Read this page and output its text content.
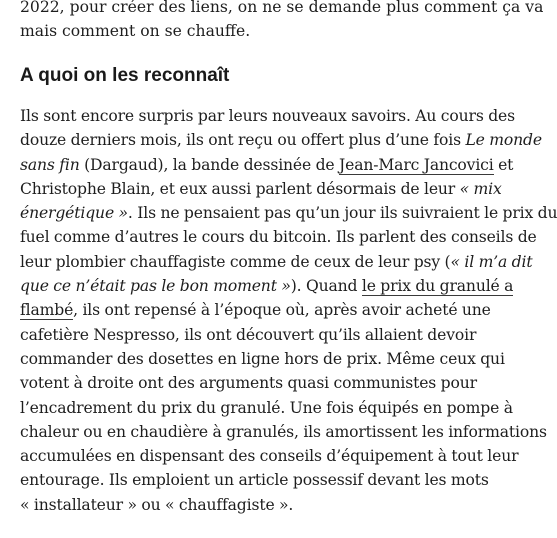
2022, pour créer des liens, on ne se demande plus comment ça va
mais comment on se chauffe.

A quoi on les reconnaît

Ils sont encore surpris par leurs nouveaux savoirs. Au cours des
douze derniers mois, ils ont reçu ou offert plus d’une fois Le monde
sans fin (Dargaud), la bande dessinée de Jean-Marc Jancovici et
Christophe Blain, et eux aussi parlent désormais de leur « mix
énergétique ». Ils ne pensaient pas qu’un jour ils suivraient le prix du
fuel comme d’autres le cours du bitcoin. Ils parlent des conseils de
leur plombier chauffagiste comme de ceux de leur psy (« il m’a dit
que ce n’était pas le bon moment »). Quand le prix du granulé a
flambé, ils ont repensé à l’époque où, après avoir acheté une
cafetière Nespresso, ils ont découvert qu’ils allaient devoir
commander des dosettes en ligne hors de prix. Même ceux qui
votent à droite ont des arguments quasi communistes pour
l’encadrement du prix du granulé. Une fois équipés en pompe à
chaleur ou en chaudière à granulés, ils amortissent les informations
accumulées en dispensant des conseils d’équipement à tout leur
entourage. Ils emploient un article possessif devant les mots
« installateur » ou « chauffagiste ».
